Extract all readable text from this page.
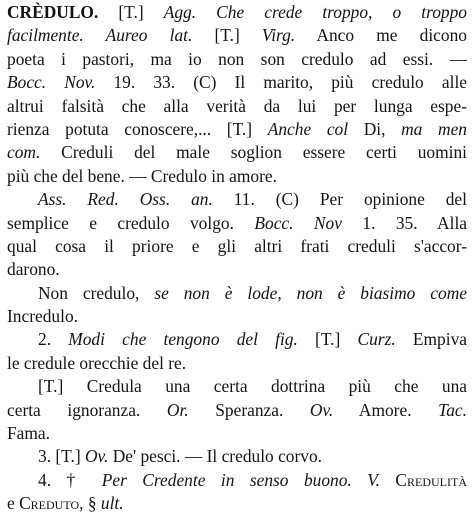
CRÈDULO. [T.] Agg. Che crede troppo, o troppo
facilmente. Aureo lat. [T.] Virg. Anco me dicono
poeta i pastori, ma io non son credulo ad essi. —
Bocc. Nov. 19. 33. (C) Il marito, più credulo alle
altrui falsità che alla verità da lui per lunga espe-
rienza potuta conoscere,... [T.] Anche col Di, ma men
com. Creduli del male soglion essere certi uomini
più che del bene. — Credulo in amore.
Ass. Red. Oss. an. 11. (C) Per opinione del
semplice e credulo volgo. Bocc. Nov 1. 35. Alla
qual cosa il priore e gli altri frati creduli s'accor-
darono.
Non credulo, se non è lode, non è biasimo come
Incredulo.
2. Modi che tengono del fig. [T.] Curz. Empiva
le credule orecchie del re.
[T.] Credula una certa dottrina più che una
certa ignoranza. Or. Speranza. Ov. Amore. Tac.
Fama.
3. [T.] Ov. De' pesci. — Il credulo corvo.
4. † Per Credente in senso buono. V. Credulità
e Creduto, § ult.
